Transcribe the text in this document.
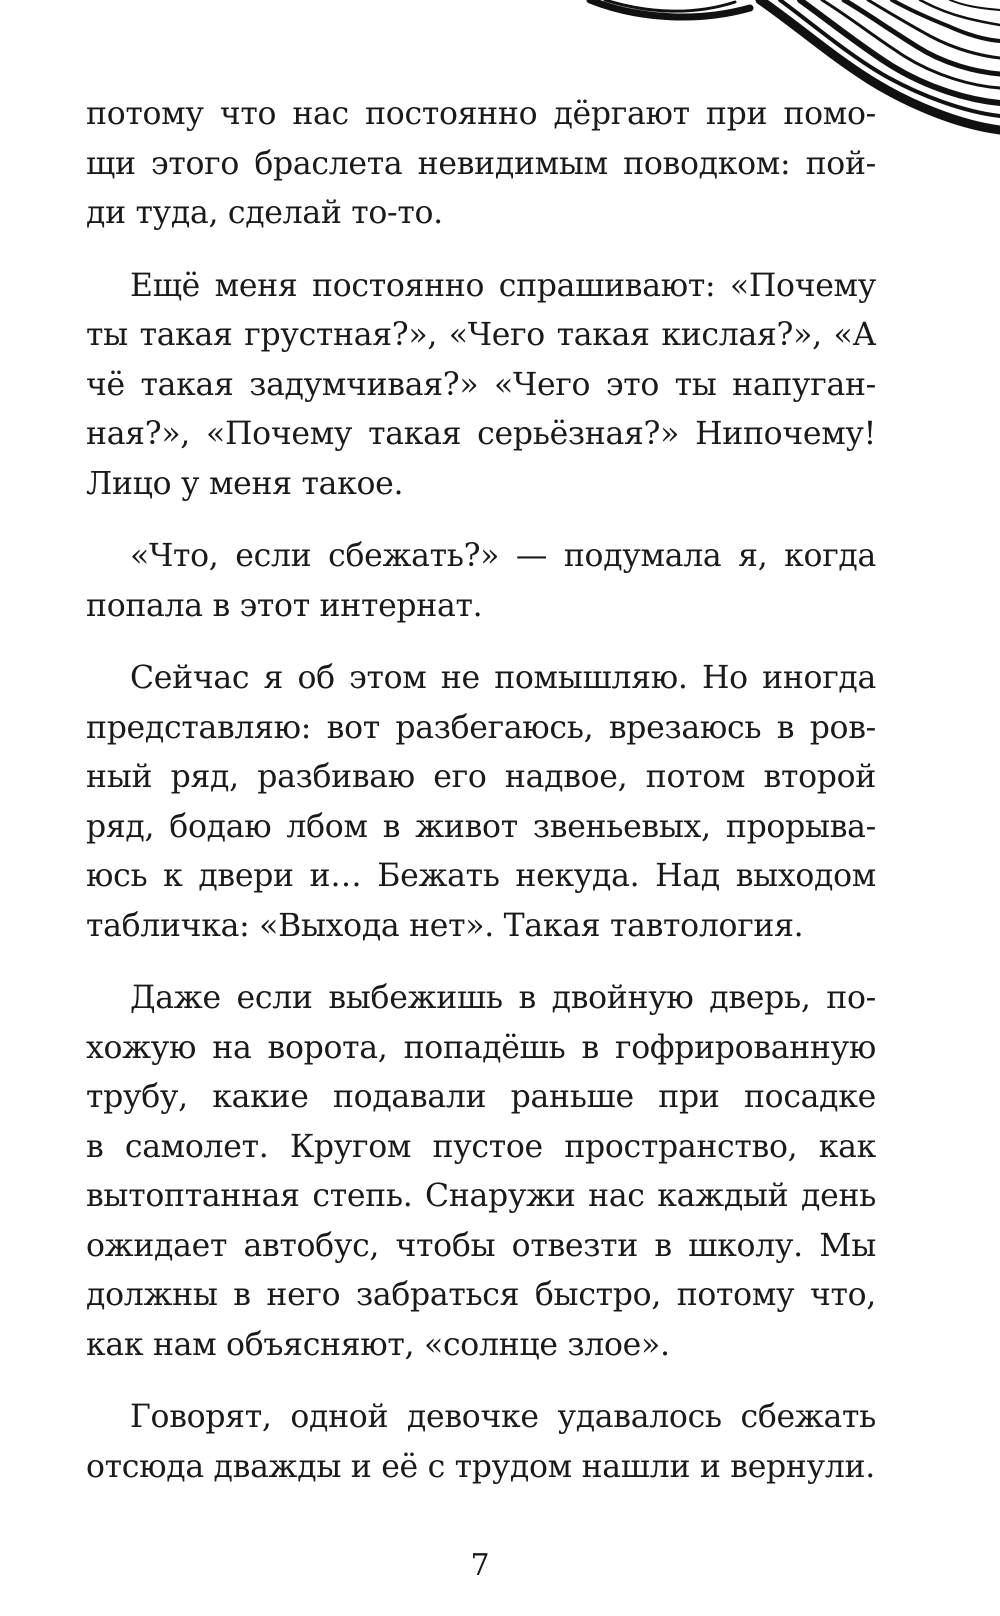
потому что нас постоянно дёргают при помо-
щи этого браслета невидимым поводком: пой-
ди туда, сделай то-то.
Ещё меня постоянно спрашивают: «Почему
ты такая грустная?», «Чего такая кислая?», «А
чё такая задумчивая?» «Чего это ты напуган-
ная?», «Почему такая серьёзная?» Нипочему!
Лицо у меня такое.
«Что, если сбежать?» — подумала я, когда
попала в этот интернат.
Сейчас я об этом не помышляю. Но иногда
представляю: вот разбегаюсь, врезаюсь в ров-
ный ряд, разбиваю его надвое, потом второй
ряд, бодаю лбом в живот звеньевых, прорыва-
юсь к двери и… Бежать некуда. Над выходом
табличка: «Выхода нет». Такая тавтология.
Даже если выбежишь в двойную дверь, по-
хожую на ворота, попадёшь в гофрированную
трубу, какие подавали раньше при посадке
в самолет. Кругом пустое пространство, как
вытоптанная степь. Снаружи нас каждый день
ожидает автобус, чтобы отвезти в школу. Мы
должны в него забраться быстро, потому что,
как нам объясняют, «солнце злое».
Говорят, одной девочке удавалось сбежать
отсюда дважды и её с трудом нашли и вернули.
7
